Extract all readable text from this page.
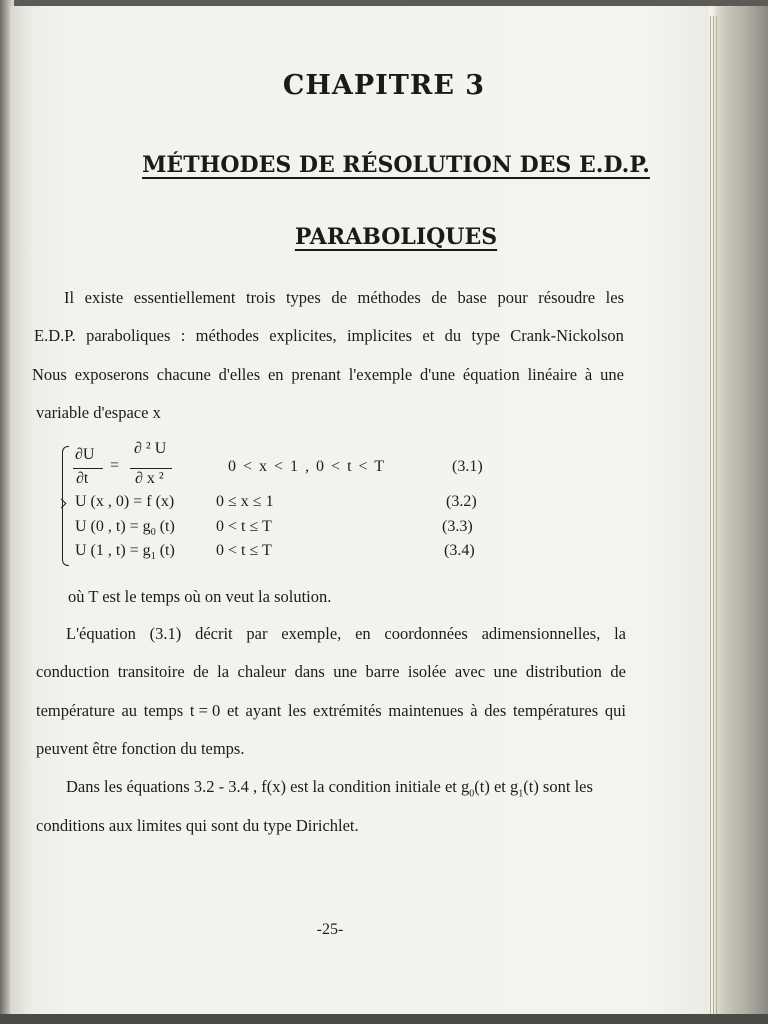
CHAPITRE 3
MÉTHODES DE RÉSOLUTION DES E.D.P.
PARABOLIQUES
Il existe essentiellement trois types de méthodes de base pour résoudre les
E.D.P. paraboliques : méthodes explicites, implicites et du type Crank-Nickolson
Nous exposerons chacune d'elles en prenant l'exemple d'une équation linéaire à une
variable d'espace x
∂U
∂t
=
∂ ² U
∂ x ²
0 < x < 1 , 0 < t < T	(3.1)
U (x , 0) = f (x)	0 ≤ x ≤ 1	(3.2)
U (0 , $t) = g_0$ (t)	0 < t ≤ T	(3.3)
U (1 , $t) = g_1$ (t)	0 < t ≤ T	(3.4)
où T est le temps où on veut la solution.
L'équation (3.1) décrit par exemple, en coordonnées adimensionnelles, la
conduction transitoire de la chaleur dans une barre isolée avec une distribution de
température au temps t = 0 et ayant les extrémités maintenues à des températures qui
peuvent être fonction du temps.
Dans les équations 3.2 - 3.4 , f(x) est la condition initiale et $g_0(t)$ et $g_1(t)$ sont les
conditions aux limites qui sont du type Dirichlet.
-25-
